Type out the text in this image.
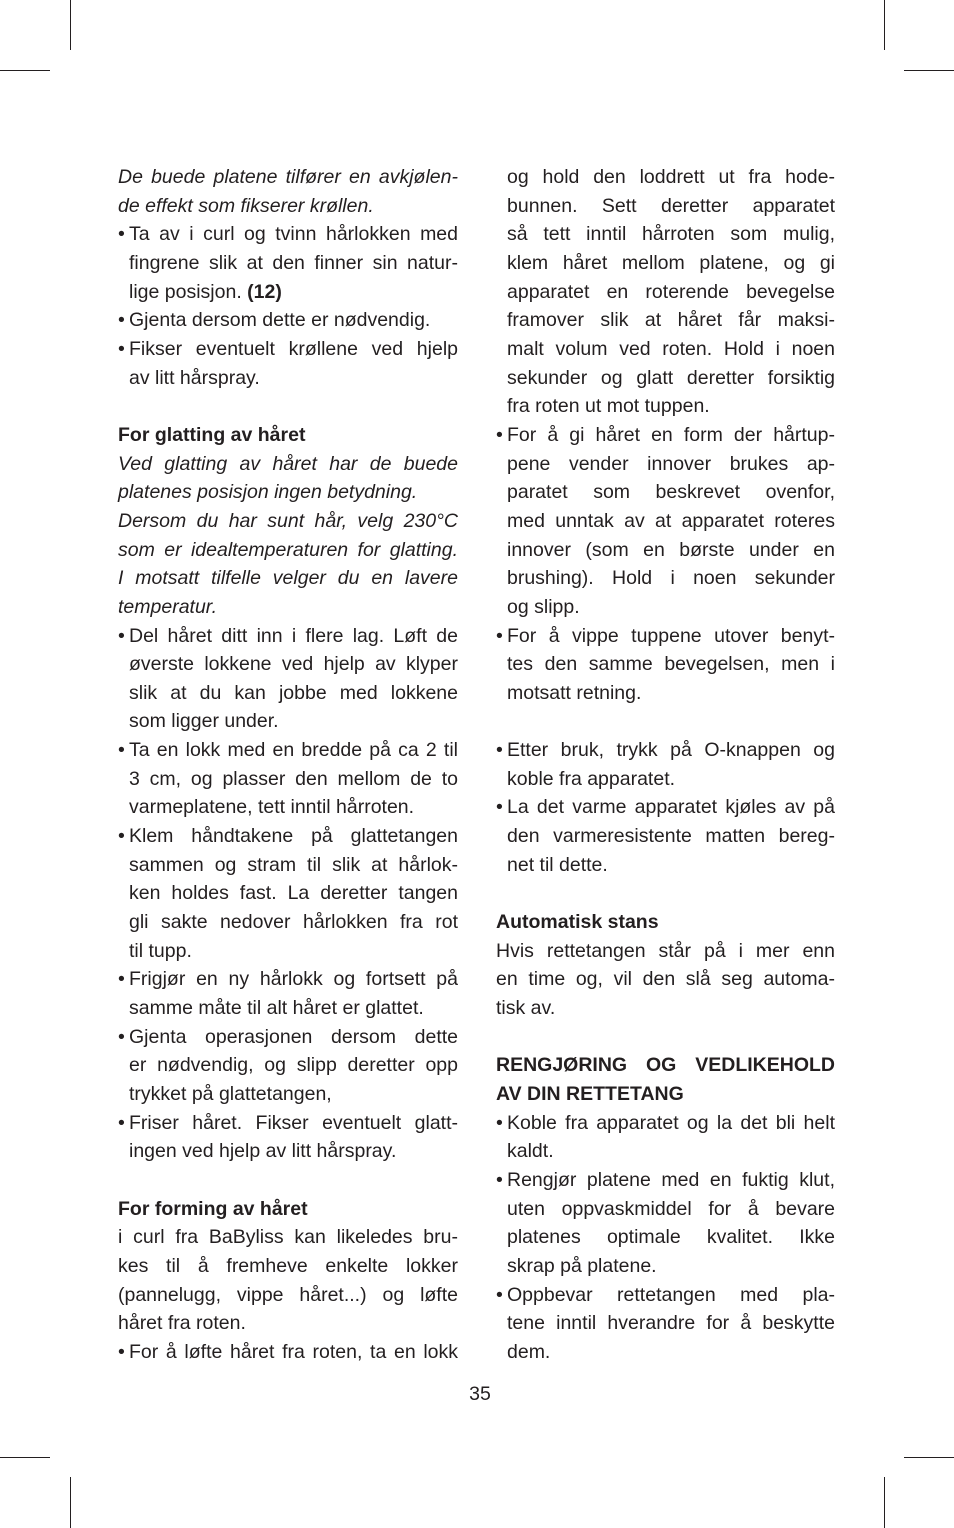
De buede platene tilfører en avkjølen-
de effekt som fikserer krøllen.
• Ta av i curl og tvinn hårlokken med
fingrene slik at den finner sin natur-
lige posisjon. (12)
• Gjenta dersom dette er nødvendig.
• Fikser eventuelt krøllene ved hjelp
av litt hårspray.
For glatting av håret
Ved glatting av håret har de buede
platenes posisjon ingen betydning.
Dersom du har sunt hår, velg 230°C
som er idealtemperaturen for glatting.
I motsatt tilfelle velger du en lavere
temperatur.
• Del håret ditt inn i flere lag. Løft de
øverste lokkene ved hjelp av klyper
slik at du kan jobbe med lokkene
som ligger under.
• Ta en lokk med en bredde på ca 2 til
3 cm, og plasser den mellom de to
varmeplatene, tett inntil hårroten.
• Klem håndtakene på glattetangen
sammen og stram til slik at hårlok-
ken holdes fast. La deretter tangen
gli sakte nedover hårlokken fra rot
til tupp.
• Frigjør en ny hårlokk og fortsett på
samme måte til alt håret er glattet.
• Gjenta operasjonen dersom dette
er nødvendig, og slipp deretter opp
trykket på glattetangen,
• Friser håret. Fikser eventuelt glatt-
ingen ved hjelp av litt hårspray.
For forming av håret
i curl fra BaByliss kan likeledes bru-
kes til å fremheve enkelte lokker
(pannelugg, vippe håret...) og løfte
håret fra roten.
• For å løfte håret fra roten, ta en lokk
og hold den loddrett ut fra hode-
bunnen. Sett deretter apparatet
så tett inntil hårroten som mulig,
klem håret mellom platene, og gi
apparatet en roterende bevegelse
framover slik at håret får maksi-
malt volum ved roten. Hold i noen
sekunder og glatt deretter forsiktig
fra roten ut mot tuppen.
• For å gi håret en form der hårtup-
pene vender innover brukes ap-
paratet som beskrevet ovenfor,
med unntak av at apparatet roteres
innover (som en børste under en
brushing). Hold i noen sekunder
og slipp.
• For å vippe tuppene utover benyt-
tes den samme bevegelsen, men i
motsatt retning.
• Etter bruk, trykk på O-knappen og
koble fra apparatet.
• La det varme apparatet kjøles av på
den varmeresistente matten bereg-
net til dette.
Automatisk stans
Hvis rettetangen står på i mer enn
en time og, vil den slå seg automa-
tisk av.
RENGJØRING OG VEDLIKEHOLD
AV DIN RETTETANG
• Koble fra apparatet og la det bli helt
kaldt.
• Rengjør platene med en fuktig klut,
uten oppvaskmiddel for å bevare
platenes optimale kvalitet. Ikke
skrap på platene.
• Oppbevar rettetangen med pla-
tene inntil hverandre for å beskytte
dem.
35
